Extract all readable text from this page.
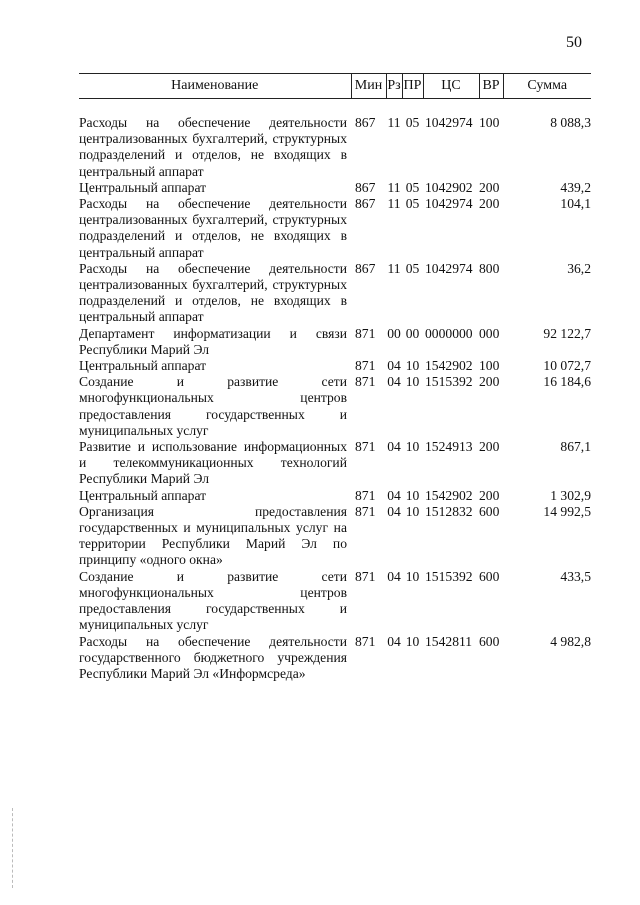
50
Наименование	Мин	Рз	ПР	ЦС	ВР	Сумма

Расходы на обеспечение деятельности централизованных бухгалтерий, структурных подразделений и отделов, не входящих в центральный аппарат	867	11	05	1042974	100	8 088,3
Центральный аппарат	867	11	05	1042902	200	439,2
Расходы на обеспечение деятельности централизованных бухгалтерий, структурных подразделений и отделов, не входящих в центральный аппарат	867	11	05	1042974	200	104,1
Расходы на обеспечение деятельности централизованных бухгалтерий, структурных подразделений и отделов, не входящих в центральный аппарат	867	11	05	1042974	800	36,2
Департамент информатизации и связи Республики Марий Эл	871	00	00	0000000	000	92 122,7
Центральный аппарат	871	04	10	1542902	100	10 072,7
Создание и развитие сети многофункциональных центров предоставления государственных и муниципальных услуг	871	04	10	1515392	200	16 184,6
Развитие и использование информационных и телекоммуникационных технологий Республики Марий Эл	871	04	10	1524913	200	867,1
Центральный аппарат	871	04	10	1542902	200	1 302,9
Организация предоставления государственных и муниципальных услуг на территории Республики Марий Эл по принципу «одного окна»	871	04	10	1512832	600	14 992,5
Создание и развитие сети многофункциональных центров предоставления государственных и муниципальных услуг	871	04	10	1515392	600	433,5
Расходы на обеспечение деятельности государственного бюджетного учреждения Республики Марий Эл «Информсреда»	871	04	10	1542811	600	4 982,8
